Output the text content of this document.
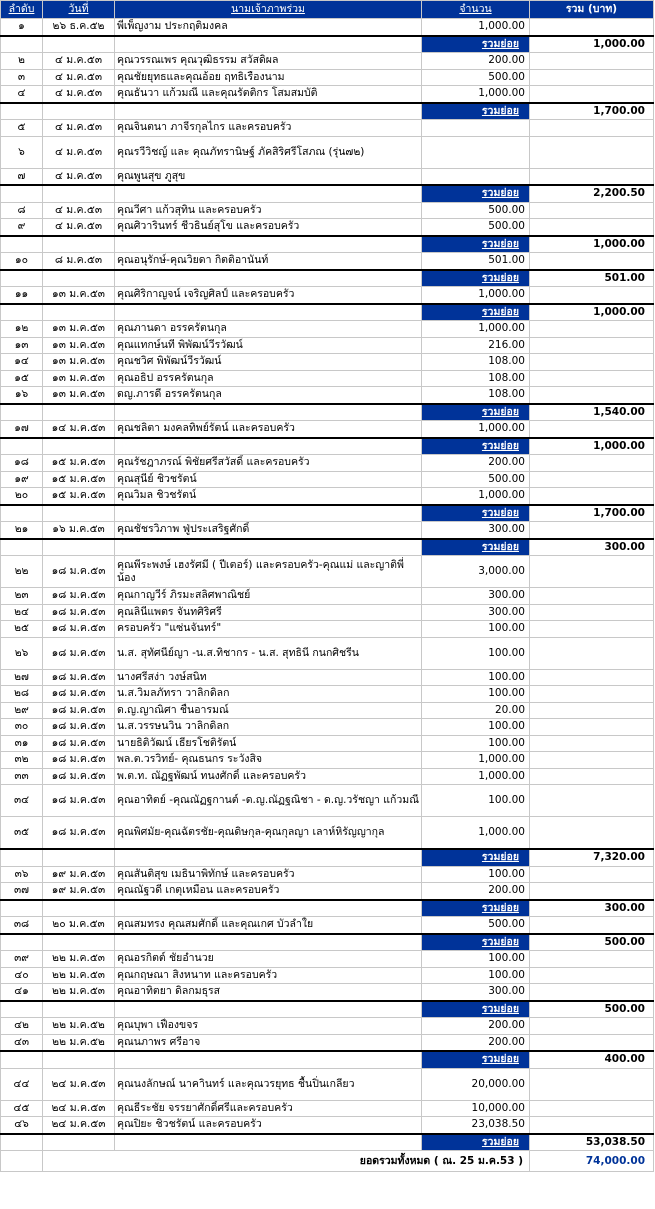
ลำดับ	วันที่	นามเจ้าภาพร่วม	จำนวน	รวม (บาท)
๑	๒๖ ธ.ค.๕๒	พี่เพ็ญงาม ประกฤติมงคล	1,000.00	
			รวมย่อย	1,000.00
๒	๔ ม.ค.๕๓	คุณวรรณเพร คุณวุฒิธรรม สวัสดิผล	200.00	
๓	๔ ม.ค.๕๓	คุณชัยยุทธและคุณอ้อย ฤทธิเรืองนาม	500.00	
๔	๔ ม.ค.๕๓	คุณธันวา แก้วมณี และคุณรัตติกร โสมสมบัติ	1,000.00	
			รวมย่อย	1,700.00
๕	๔ ม.ค.๕๓	คุณจินตนา ภาจีรกุลไกร และครอบครัว		
๖	๔ ม.ค.๕๓	คุณรวีวิชญ์ และ คุณภัทรานิษฐ์ ภัคสิริศรีโสภณ (รุ่น๗๒)		
๗	๔ ม.ค.๕๓	คุณพูนสุข ภูสุข		
			รวมย่อย	2,200.50
๘	๔ ม.ค.๕๓	คุณวีศา แก้วสุทิน และครอบครัว	500.00	
๙	๔ ม.ค.๕๓	คุณศิวารินทร์ ชีวธินย์สุโข และครอบครัว	500.00	
			รวมย่อย	1,000.00
๑๐	๘ ม.ค.๕๓	คุณอนุรักษ์-คุณวิยดา กิตติอานันท์	501.00	
			รวมย่อย	501.00
๑๑	๑๓ ม.ค.๕๓	คุณศิริกาญจน์ เจริญศิลป์ และครอบครัว	1,000.00	
			รวมย่อย	1,000.00
๑๒	๑๓ ม.ค.๕๓	คุณภานดา อรรครัตนกุล	1,000.00	
๑๓	๑๓ ม.ค.๕๓	คุณแทกษ์นที พิพัฒน์วีรวัฒน์	216.00	
๑๔	๑๓ ม.ค.๕๓	คุณชวิศ พิพัฒน์วีรวัฒน์	108.00	
๑๕	๑๓ ม.ค.๕๓	คุณอธิป อรรครัตนกุล	108.00	
๑๖	๑๓ ม.ค.๕๓	ดญ.ภารดี อรรครัตนกุล	108.00	
			รวมย่อย	1,540.00
๑๗	๑๔ ม.ค.๕๓	คุณชลิตา มงคลทิพย์รัตน์ และครอบครัว	1,000.00	
			รวมย่อย	1,000.00
๑๘	๑๕ ม.ค.๕๓	คุณรัชฎาภรณ์ พิชัยศรีสวัสดิ์ และครอบครัว	200.00	
๑๙	๑๕ ม.ค.๕๓	คุณสุนีย์ ชิวชรัตน์	500.00	
๒๐	๑๕ ม.ค.๕๓	คุณวิมล ชิวชรัตน์	1,000.00	
			รวมย่อย	1,700.00
๒๑	๑๖ ม.ค.๕๓	คุณชัชรวิภาพ ฟู่ประเสริฐศักดิ์	300.00	
			รวมย่อย	300.00
๒๒	๑๘ ม.ค.๕๓	คุณพีระพงษ์ เฮงรัศมี ( ปีเตอร์) และครอบครัว-คุณแม่ และญาติพี่น้อง	3,000.00	
๒๓	๑๘ ม.ค.๕๓	คุณกาญวีร์ ภิรมะสลิศพาณิชย์	300.00	
๒๔	๑๘ ม.ค.๕๓	คุณลินีแพตร จันทศิริศรี	300.00	
๒๕	๑๘ ม.ค.๕๓	ครอบครัว "แซ่นจันทร์"	100.00	
๒๖	๑๘ ม.ค.๕๓	น.ส. สุทัศนีย์ญา -น.ส.ทิชากร - น.ส. สุทธินี กนกศิชรีน	100.00	
๒๗	๑๘ ม.ค.๕๓	นางศรีสง่า วงษ์สนิท	100.00	
๒๘	๑๘ ม.ค.๕๓	น.ส.วิมลภัทรา วาลิกดิลก	100.00	
๒๙	๑๘ ม.ค.๕๓	ด.ญ.ญาณิศา ชื่นอารมณ์	20.00	
๓๐	๑๘ ม.ค.๕๓	น.ส.วรรษนวิน วาลิกดิลก	100.00	
๓๑	๑๘ ม.ค.๕๓	นายธิติวัฒน์ เธียรโชติรัตน์	100.00	
๓๒	๑๘ ม.ค.๕๓	พล.ต.วรวิทย์- คุณธนกร ระวังสิจ	1,000.00	
๓๓	๑๘ ม.ค.๕๓	พ.ต.ท. ณัฏฐพัฒน์ ทนงศักดิ์ และครอบครัว	1,000.00	
๓๔	๑๘ ม.ค.๕๓	คุณอาทิตย์ -คุณณัฏฐกานต์ -ด.ญ.ณัฏฐณิชา - ด.ญ.วรัชญา แก้วมณี	100.00	
๓๕	๑๘ ม.ค.๕๓	คุณพิศมัย-คุณฉัตรชัย-คุณดิษกุล-คุณกุลญา เลาห์หิรัญญากุล	1,000.00	
			รวมย่อย	7,320.00
๓๖	๑๙ ม.ค.๕๓	คุณสันติสุข เมธินาพิทักษ์ และครอบครัว	100.00	
๓๗	๑๙ ม.ค.๕๓	คุณณัฐวดี เกตุเหมือน และครอบครัว	200.00	
			รวมย่อย	300.00
๓๘	๒๐ ม.ค.๕๓	คุณสมทรง คุณสมศักดิ์ และคุณเกศ บัวลำใย	500.00	
			รวมย่อย	500.00
๓๙	๒๒ ม.ค.๕๓	คุณอรกิตต์ ชัยอำนวย	100.00	
๔๐	๒๒ ม.ค.๕๓	คุณกฤษณา สิงหนาท และครอบครัว	100.00	
๔๑	๒๒ ม.ค.๕๓	คุณอาทิตยา ดิลกมธุรส	300.00	
			รวมย่อย	500.00
๔๒	๒๒ ม.ค.๕๒	คุณบุพา เฟื่องขจร	200.00	
๔๓	๒๒ ม.ค.๕๒	คุณนภาพร ศรีอาจ	200.00	
			รวมย่อย	400.00
๔๔	๒๔ ม.ค.๕๓	คุณนงลักษณ์ นาคาินทร์ และคุณวรยุทธ ชื้นปิ่นเกลียว	20,000.00	
๔๕	๒๔ ม.ค.๕๓	คุณธีระชัย จรรยาศักดิ์ศรีและครอบครัว	10,000.00	
๔๖	๒๔ ม.ค.๕๓	คุณปิยะ ชิวชรัตน์ และครอบครัว	23,038.50	
			รวมย่อย	53,038.50
	ยอดรวมทั้งหมด ( ณ. 25 ม.ค.53 )			74,000.00
